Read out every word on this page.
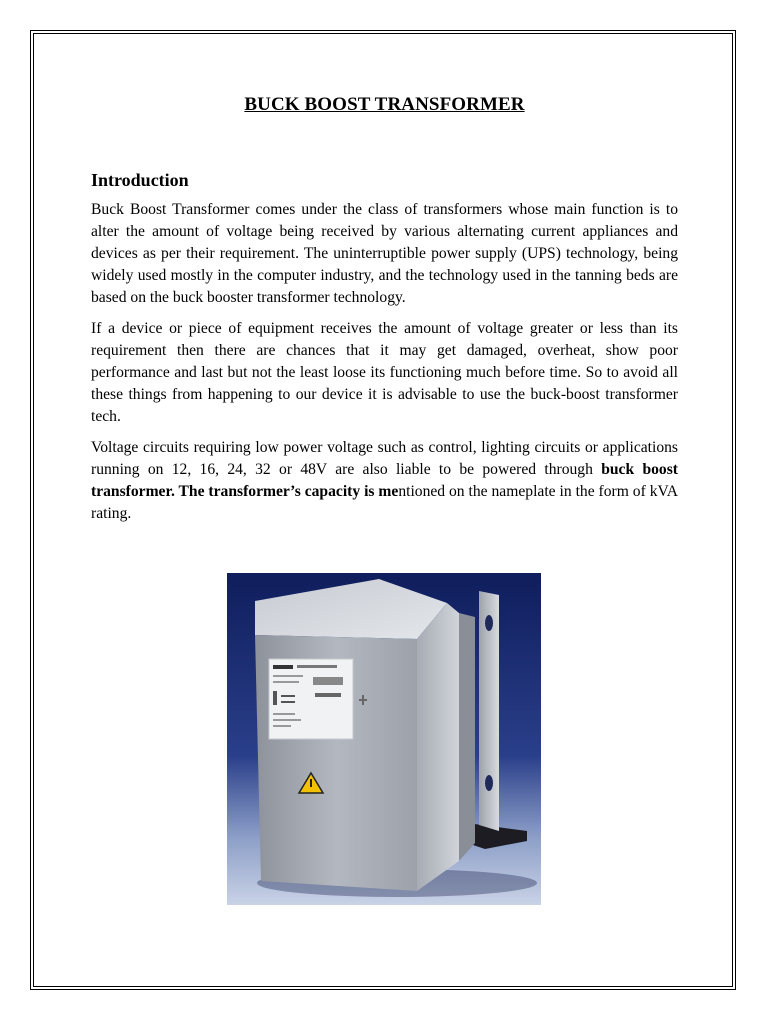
BUCK BOOST TRANSFORMER
Introduction

Buck Boost Transformer comes under the class of transformers whose main function is to alter the amount of voltage being received by various alternating current appliances and devices as per their requirement. The uninterruptible power supply (UPS) technology, being widely used mostly in the computer industry, and the technology used in the tanning beds are based on the buck booster transformer technology.

If a device or piece of equipment receives the amount of voltage greater or less than its requirement then there are chances that it may get damaged, overheat, show poor performance and last but not the least loose its functioning much before time. So to avoid all these things from happening to our device it is advisable to use the buck-boost transformer tech.

Voltage circuits requiring low power voltage such as control, lighting circuits or applications running on 12, 16, 24, 32 or 48V are also liable to be powered through buck boost transformer. The transformer’s capacity is mentioned on the nameplate in the form of kVA rating.
